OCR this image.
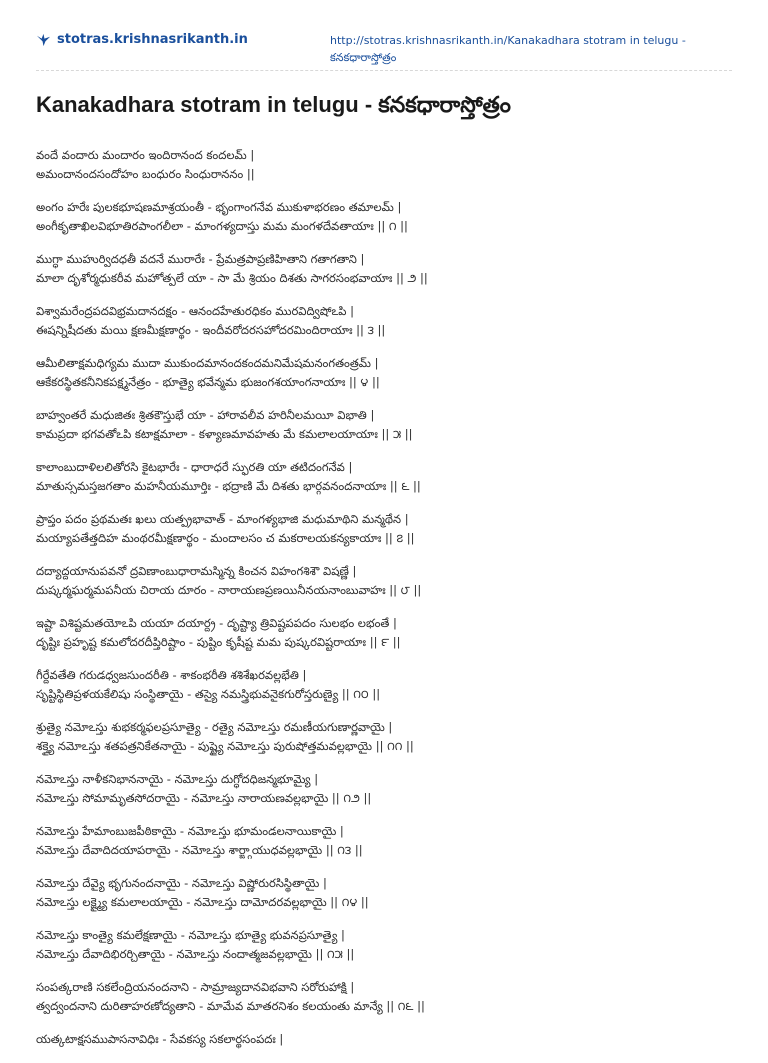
stotras.krishnasrikanth.in	http://stotras.krishnasrikanth.in/Kanakadhara stotram in telugu - కనకధారాస్తోత్రం
Kanakadhara stotram in telugu - కనకధారాస్తోత్రం
వందే వందారు మందారం ఇందిరానంద కందలమ్ |
అమందానందసందోహం బంధురం సింధురాననం ||
అంగం హరేః పులకభూషణమాశ్రయంతీ - భృంగాంగనేవ ముకుళాభరణం తమాలమ్ |
అంగీకృతాఖిలవిభూతిరపాంగలీలా - మాంగళ్యదాస్తు మమ మంగళదేవతాయాః || ౧ ||
ముగ్ధా ముహుర్విదధతీ వదనే మురారేః - ప్రేమత్రపాప్రణిహితాని గతాగతాని |
మాలా దృశోర్మధుకరీవ మహోత్పలే యా - సా మే శ్రియం దిశతు సాగరసంభవాయాః || ౨ ||
విశ్వామరేంద్రపదవిభ్రమదానదక్షం - ఆనందహేతురధికం మురవిద్విషోఽపి |
ఈషన్నిషీదతు మయి క్షణమీక్షణార్థం - ఇందీవరోదరసహోదరమిందిరాయాః || ౩ ||
ఆమీలితాక్షమధిగ్యమ ముదా ముకుందమానందకందమనిమేషమనంగతంత్రమ్ |
ఆకేకరస్థితకనీనికపక్ష్మనేత్రం - భూత్యై భవేన్మమ భుజంగశయాంగనాయాః || ౪ ||
బాహ్వంతరే మధుజితః శ్రితకౌస్తుభే యా - హారావలీవ హరినీలమయీ విభాతి |
కామప్రదా భగవతోఽపి కటాక్షమాలా - కళ్యాణమావహతు మే కమలాలయాయాః || ౫ ||
కాలాంబుదాళిలలితోరసి కైటభారేః - ధారాధరే స్ఫురతి యా తటిదంగనేవ |
మాతుస్సమస్తజగతాం మహనీయమూర్తిః - భద్రాణి మే దిశతు భార్గవనందనాయాః || ౬ ||
ప్రాప్తం పదం ప్రథమతః ఖలు యత్ప్రభావాత్ - మాంగళ్యభాజి మధుమాథిని మన్మథేన |
మయ్యాపతేత్తదిహ మంథరమీక్షణార్థం - మందాలసం చ మకరాలయకన్యకాయాః || ౭ ||
దద్యాద్దయానుపవనో ద్రవిణాంబుధారామస్మిన్న కించన విహంగశిశౌ విషణ్ణే |
దుష్కర్మఘర్మమపనీయ చిరాయ దూరం - నారాయణప్రణయినీనయనాంబువాహః || ౮ ||
ఇష్టా విశిష్టమతయోఽపి యయా దయార్ద్ర - దృష్ట్యా త్రివిష్టపపదం సులభం లభంతే |
దృష్టిః ప్రహృష్ట కమలోదరదీప్తిరిష్టాం - పుష్టిం కృషీష్ట మమ పుష్కరవిష్టరాయాః || ౯ ||
గీర్దేవతేతి గరుడధ్వజసుందరీతి - శాకంభరీతి శశిశేఖరవల్లభేతి |
సృష్టిస్థితిప్రళయకేలిషు సంస్థితాయై - తస్యై నమస్త్రిభువనైకగురోస్తరుణ్యై || ౧౦ ||
శ్రుత్యై నమోఽస్తు శుభకర్మఫలప్రసూత్యై - రత్యై నమోఽస్తు రమణీయగుణార్ణవాయై |
శక్త్యై నమోఽస్తు శతపత్రనికేతనాయై - పుష్ట్యై నమోఽస్తు పురుషోత్తమవల్లభాయై || ౧౧ ||
నమోఽస్తు నాళీకనిభాననాయై - నమోఽస్తు దుగ్ధోదధిజన్మభూమ్యై |
నమోఽస్తు సోమామృతసోదరాయై - నమోఽస్తు నారాయణవల్లభాయై || ౧౨ ||
నమోఽస్తు హేమాంబుజపీఠికాయై - నమోఽస్తు భూమండలనాయికాయై |
నమోఽస్తు దేవాదిదయాపరాయై - నమోఽస్తు శార్ఙ్గాయుధవల్లభాయై || ౧౩ ||
నమోఽస్తు దేవ్యై భృగునందనాయై - నమోఽస్తు విష్ణోరురసిస్థితాయై |
నమోఽస్తు లక్ష్మ్యై కమలాలయాయై - నమోఽస్తు దామోదరవల్లభాయై || ౧౪ ||
నమోఽస్తు కాంత్యై కమలేక్షణాయై - నమోఽస్తు భూత్యై భువనప్రసూత్యై |
నమోఽస్తు దేవాదిభిరర్చితాయై - నమోఽస్తు నందాత్మజవల్లభాయై || ౧౫ ||
సంపత్కరాణి సకలేంద్రియనందనాని - సామ్రాజ్యదానవిభవాని సరోరుహాక్షి |
త్వద్వందనాని దురితాహరణోద్యతాని - మామేవ మాతరనిశం కలయంతు మాన్యే || ౧౬ ||
యత్కటాక్షసముపాసనావిధిః - సేవకస్య సకలార్థసంపదః |
